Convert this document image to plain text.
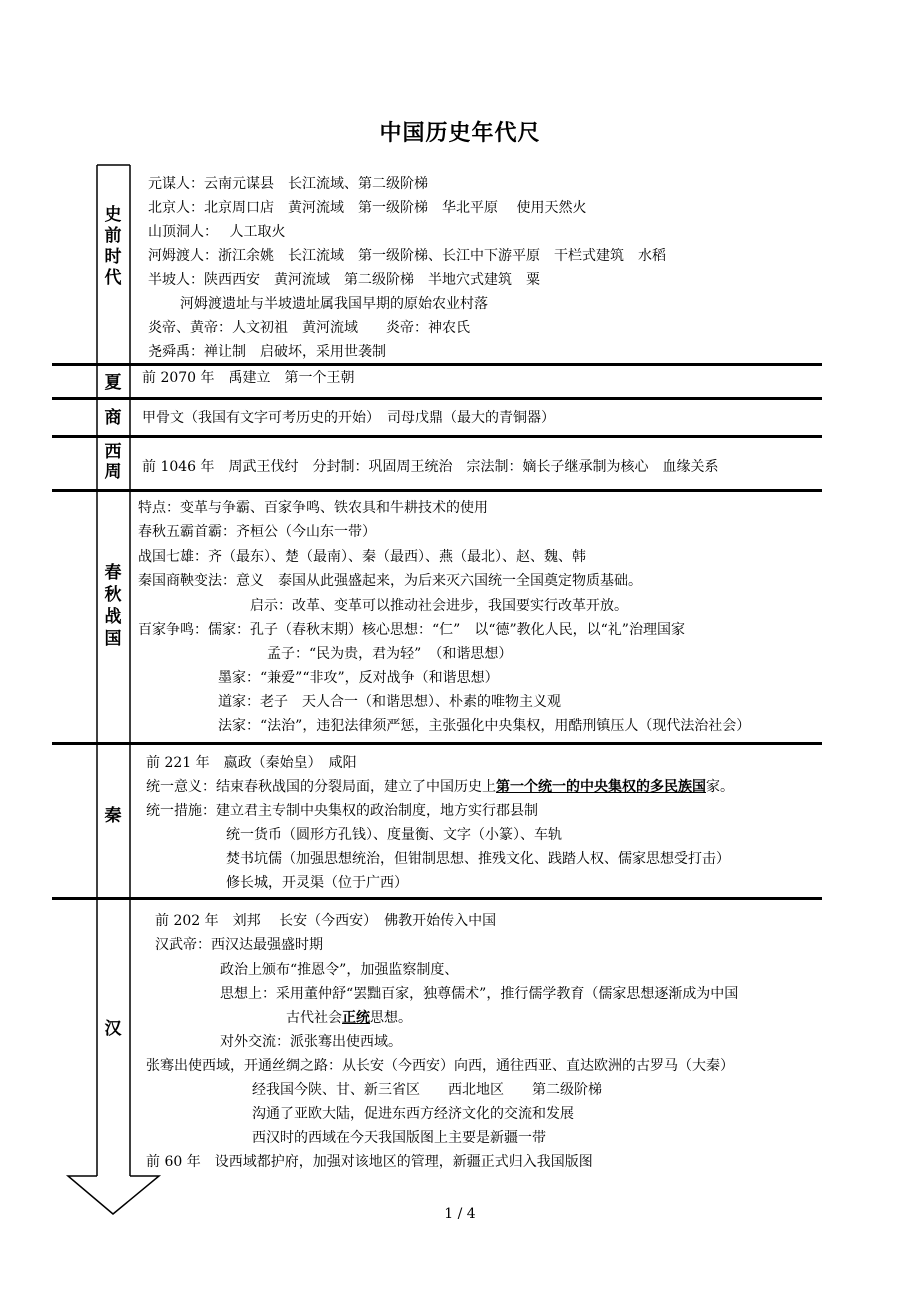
中国历史年代尺
史前时代
夏
商
西周
春秋战国
秦
汉
元谋人：云南元谋县　长江流域、第二级阶梯
北京人：北京周口店　黄河流域　第一级阶梯　华北平原　 使用天然火
山顶洞人：　 人工取火
河姆渡人：浙江余姚　长江流域　第一级阶梯、长江中下游平原　干栏式建筑　水稻
半坡人：陕西西安　黄河流域　第二级阶梯　半地穴式建筑　粟
河姆渡遗址与半坡遗址属我国早期的原始农业村落
炎帝、黄帝：人文初祖　黄河流域　　炎帝：神农氏
尧舜禹：禅让制　启破坏，采用世袭制
前 2070 年　禹建立　第一个王朝
甲骨文（我国有文字可考历史的开始）　司母戊鼎（最大的青铜器）
前 1046 年　周武王伐纣　分封制：巩固周王统治　宗法制：嫡长子继承制为核心　血缘关系
特点：变革与争霸、百家争鸣、铁农具和牛耕技术的使用
春秋五霸首霸：齐桓公（今山东一带）
战国七雄：齐（最东）、楚（最南）、秦（最西）、燕（最北）、赵、魏、韩
秦国商鞅变法：意义　泰国从此强盛起来，为后来灭六国统一全国奠定物质基础。
启示：改革、变革可以推动社会进步，我国要实行改革开放。
百家争鸣：儒家：孔子（春秋末期）核心思想：“仁”　以“德”教化人民，以“礼”治理国家
孟子：“民为贵，君为轻”　（和谐思想）
墨家：“兼爱”“非攻”，反对战争（和谐思想）
道家：老子　天人合一（和谐思想）、朴素的唯物主义观
法家：“法治”，违犯法律须严惩，主张强化中央集权，用酷刑镇压人（现代法治社会）
前 221 年　嬴政（秦始皇）　咸阳
统一意义：结束春秋战国的分裂局面，建立了中国历史上第一个统一的中央集权的多民族国家。
统一措施：建立君主专制中央集权的政治制度，地方实行郡县制
统一货币（圆形方孔钱）、度量衡、文字（小篆）、车轨
焚书坑儒（加强思想统治，但钳制思想、推残文化、践踏人权、儒家思想受打击）
修长城，开灵渠（位于广西）
前 202 年　刘邦　 长安（今西安）　佛教开始传入中国
汉武帝：西汉达最强盛时期
政治上颁布“推恩令”，加强监察制度、
思想上：采用董仲舒“罢黜百家，独尊儒术”，推行儒学教育（儒家思想逐渐成为中国
古代社会正统思想。
对外交流：派张骞出使西域。
张骞出使西域，开通丝绸之路：从长安（今西安）向西，通往西亚、直达欧洲的古罗马（大秦）
经我国今陕、甘、新三省区　　西北地区　　第二级阶梯
沟通了亚欧大陆，促进东西方经济文化的交流和发展
西汉时的西域在今天我国版图上主要是新疆一带
前 60 年　设西域都护府，加强对该地区的管理，新疆正式归入我国版图
1 / 4
